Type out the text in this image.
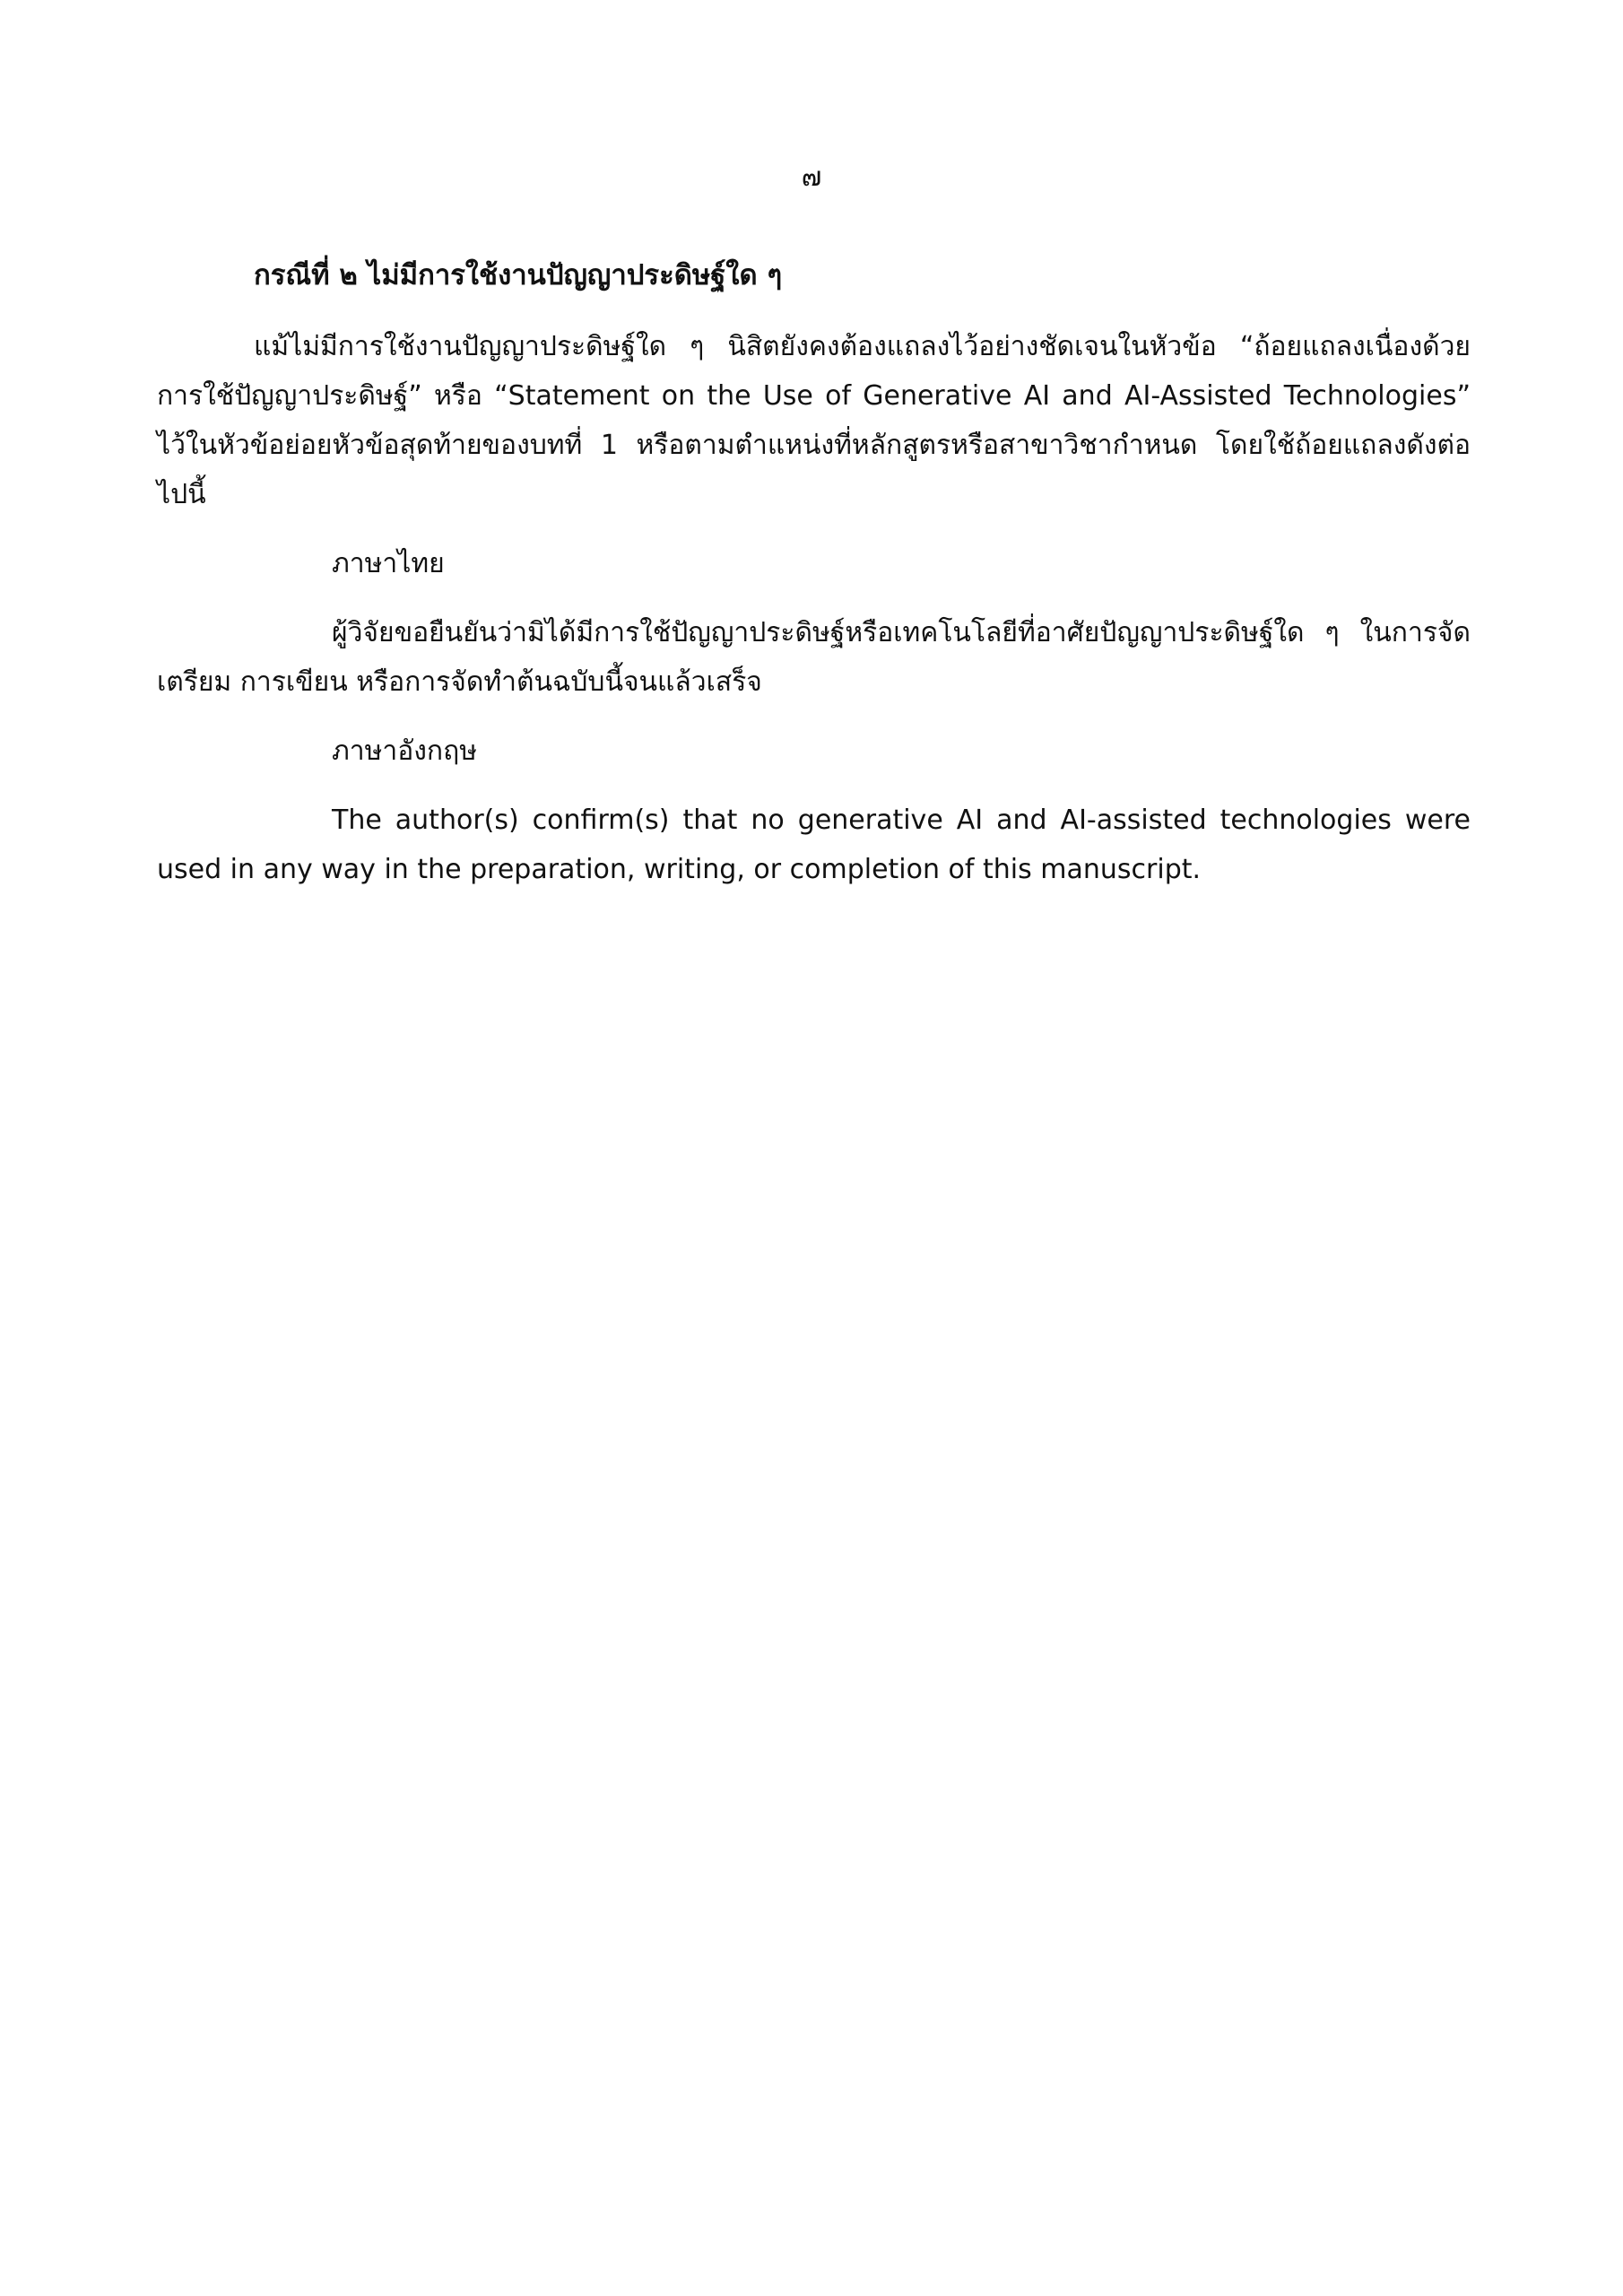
๗

กรณีที่ ๒ ไม่มีการใช้งานปัญญาประดิษฐ์ใด ๆ

แม้ไม่มีการใช้งานปัญญาประดิษฐ์ใด ๆ นิสิตยังคงต้องแถลงไว้อย่างชัดเจนในหัวข้อ “ถ้อยแถลงเนื่องด้วยการใช้ปัญญาประดิษฐ์” หรือ “Statement on the Use of Generative AI and AI-Assisted Technologies” ไว้ในหัวข้อย่อยหัวข้อสุดท้ายของบทที่ 1 หรือตามตำแหน่งที่หลักสูตรหรือสาขาวิชากำหนด โดยใช้ถ้อยแถลงดังต่อไปนี้

ภาษาไทย

ผู้วิจัยขอยืนยันว่ามิได้มีการใช้ปัญญาประดิษฐ์หรือเทคโนโลยีที่อาศัยปัญญาประดิษฐ์ใด ๆ ในการจัดเตรียม การเขียน หรือการจัดทำต้นฉบับนี้จนแล้วเสร็จ

ภาษาอังกฤษ

The author(s) confirm(s) that no generative AI and AI-assisted technologies were used in any way in the preparation, writing, or completion of this manuscript.
